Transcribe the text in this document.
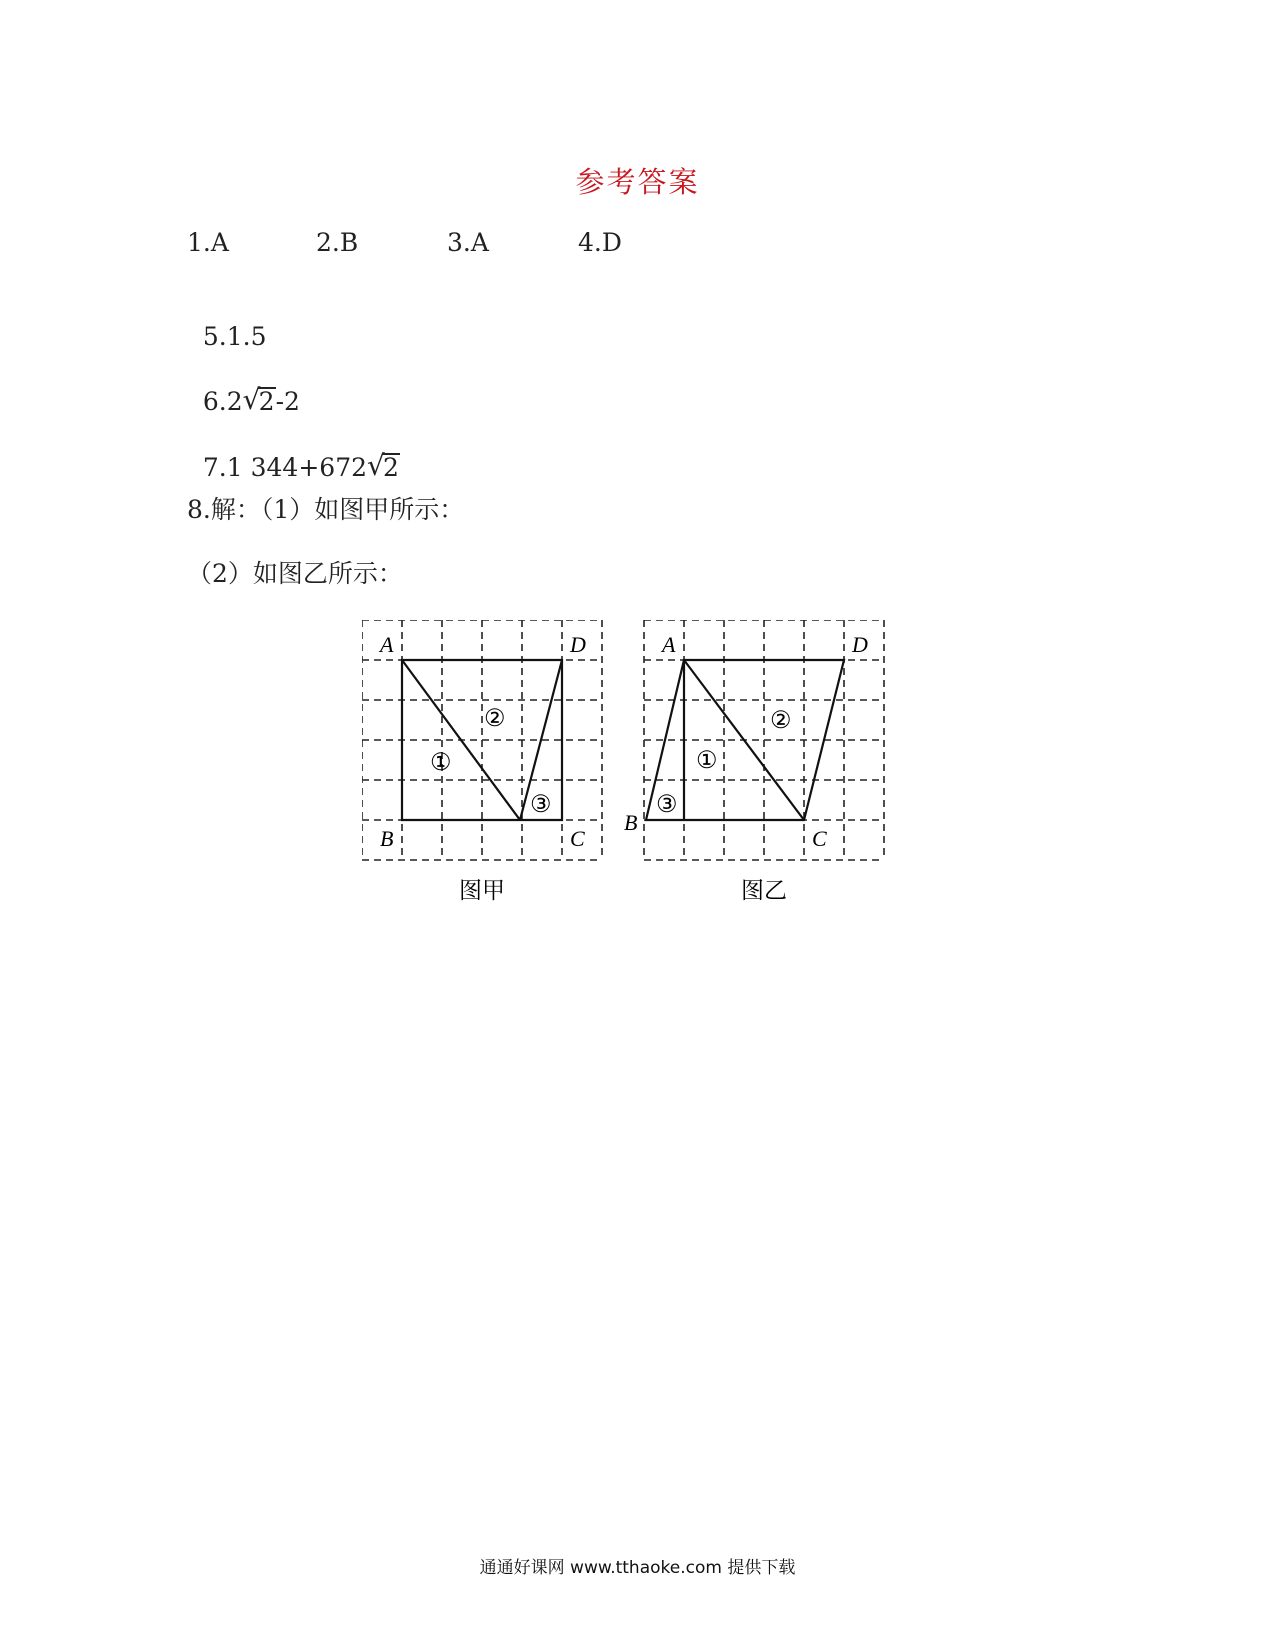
参考答案
1.A	2.B	3.A	4.D

5.1.5

6.2 √
2-2

7.1 344+672 √
2

8.解：（1）如图甲所示：
（2）如图乙所示：
A	D
B	C
①
②
③
图甲
A	D
B
C
①
②
③
图乙
通通好课网 www.tthaoke.com 提供下载
